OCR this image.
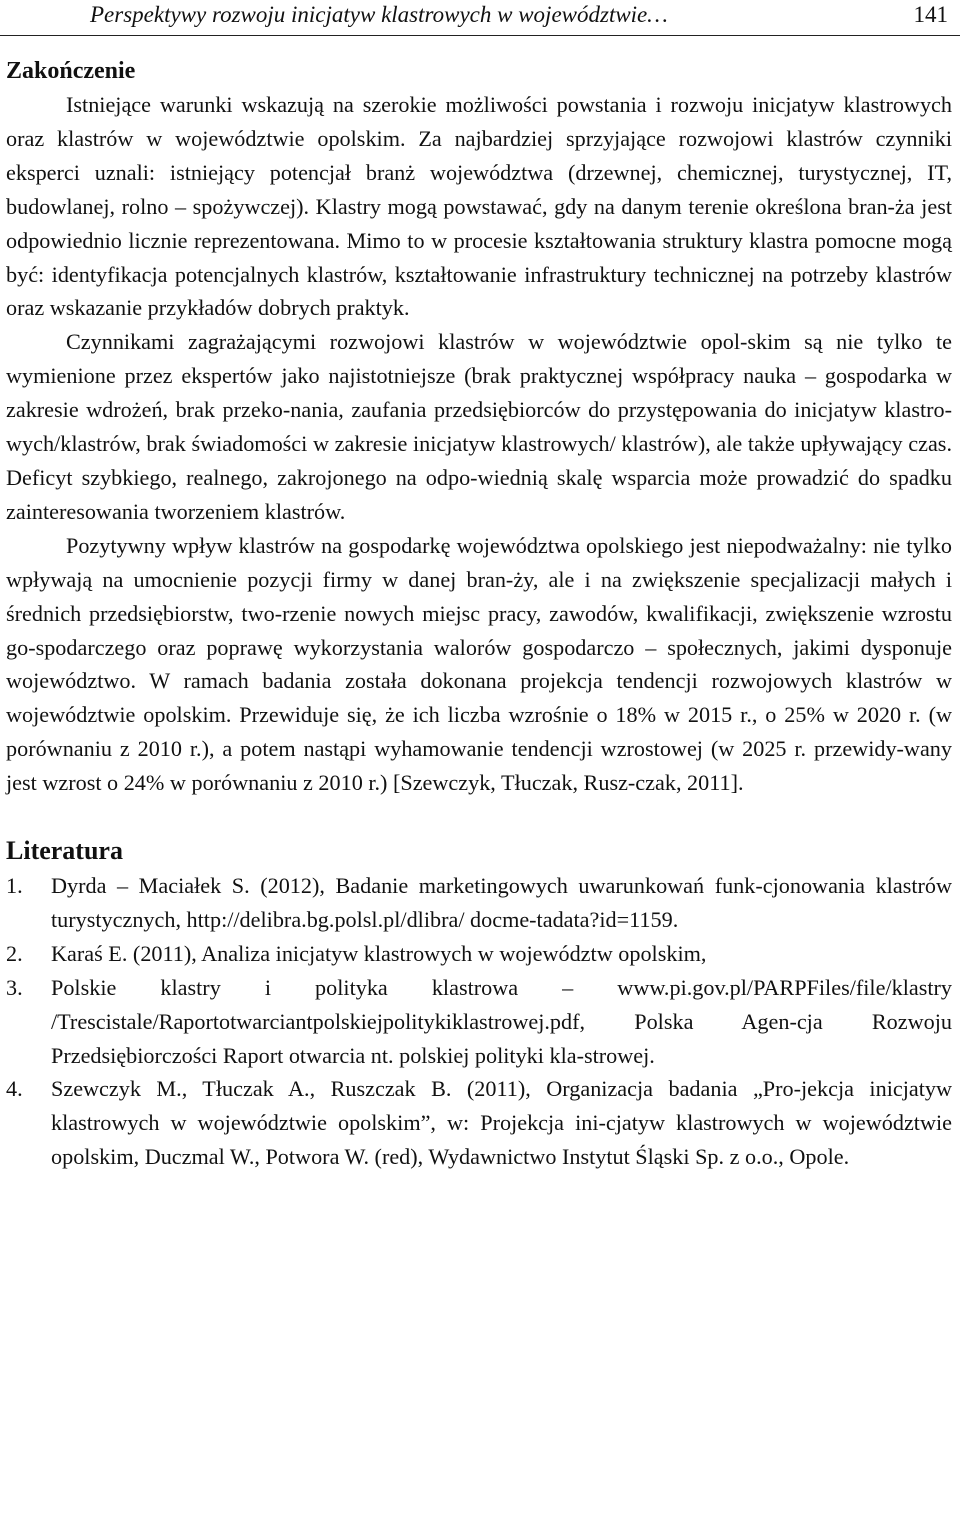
Perspektywy rozwoju inicjatyw klastrowych w województwie…	141
Zakończenie

Istniejące warunki wskazują na szerokie możliwości powstania i rozwoju inicjatyw klastrowych oraz klastrów w województwie opolskim. Za najbardziej sprzyjające rozwojowi klastrów czynniki eksperci uznali: istniejący potencjał branż województwa (drzewnej, chemicznej, turystycznej, IT, budowlanej, rolno – spożywczej). Klastry mogą powstawać, gdy na danym terenie określona bran-ża jest odpowiednio licznie reprezentowana. Mimo to w procesie kształtowania struktury klastra pomocne mogą być: identyfikacja potencjalnych klastrów, kształtowanie infrastruktury technicznej na potrzeby klastrów oraz wskazanie przykładów dobrych praktyk.

Czynnikami zagrażającymi rozwojowi klastrów w województwie opol-skim są nie tylko te wymienione przez ekspertów jako najistotniejsze (brak praktycznej współpracy nauka – gospodarka w zakresie wdrożeń, brak przeko-nania, zaufania przedsiębiorców do przystępowania do inicjatyw klastro-wych/klastrów, brak świadomości w zakresie inicjatyw klastrowych/ klastrów), ale także upływający czas. Deficyt szybkiego, realnego, zakrojonego na odpo-wiednią skalę wsparcia może prowadzić do spadku zainteresowania tworzeniem klastrów.

Pozytywny wpływ klastrów na gospodarkę województwa opolskiego jest niepodważalny: nie tylko wpływają na umocnienie pozycji firmy w danej bran-ży, ale i na zwiększenie specjalizacji małych i średnich przedsiębiorstw, two-rzenie nowych miejsc pracy, zawodów, kwalifikacji, zwiększenie wzrostu go-spodarczego oraz poprawę wykorzystania walorów gospodarczo – społecznych, jakimi dysponuje województwo. W ramach badania została dokonana projekcja tendencji rozwojowych klastrów w województwie opolskim. Przewiduje się, że ich liczba wzrośnie o 18% w 2015 r., o 25% w 2020 r. (w porównaniu z 2010 r.), a potem nastąpi wyhamowanie tendencji wzrostowej (w 2025 r. przewidy-wany jest wzrost o 24% w porównaniu z 2010 r.) [Szewczyk, Tłuczak, Rusz-czak, 2011].

Literatura
1. Dyrda – Maciałek S. (2012), Badanie marketingowych uwarunkowań funk-cjonowania klastrów turystycznych, http://delibra.bg.polsl.pl/dlibra/ docme-tadata?id=1159.
2. Karaś E. (2011), Analiza inicjatyw klastrowych w województw opolskim,
3. Polskie klastry i polityka klastrowa – www.pi.gov.pl/PARPFiles/file/klastry /Trescistale/Raportotwarciantpolskiejpolitykiklastrowej.pdf, Polska Agen-cja Rozwoju Przedsiębiorczości Raport otwarcia nt. polskiej polityki kla-strowej.
4. Szewczyk M., Tłuczak A., Ruszczak B. (2011), Organizacja badania „Pro-jekcja inicjatyw klastrowych w województwie opolskim”, w: Projekcja ini-cjatyw klastrowych w województwie opolskim, Duczmal W., Potwora W. (red), Wydawnictwo Instytut Śląski Sp. z o.o., Opole.
